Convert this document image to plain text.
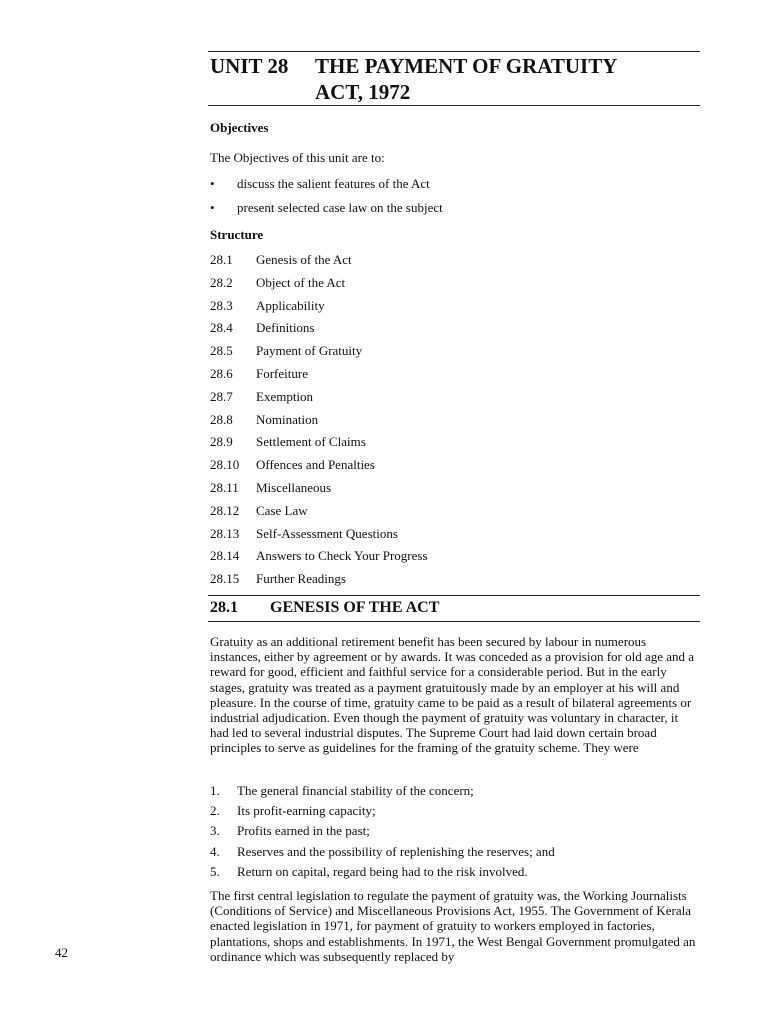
UNIT 28 THE PAYMENT OF GRATUITY
ACT, 1972
Objectives

The Objectives of this unit are to:

•	discuss the salient features of the Act
•	present selected case law on the subject
Structure
28.1 Genesis of the Act
28.2 Object of the Act
28.3 Applicability
28.4 Definitions
28.5 Payment of Gratuity
28.6 Forfeiture
28.7 Exemption
28.8 Nomination
28.9 Settlement of Claims
28.10 Offences and Penalties
28.11 Miscellaneous
28.12 Case Law
28.13 Self-Assessment Questions
28.14 Answers to Check Your Progress
28.15 Further Readings
28.1 GENESIS OF THE ACT

Gratuity as an additional retirement benefit has been secured by labour in numerous instances, either by agreement or by awards. It was conceded as a provision for old age and a reward for good, efficient and faithful service for a considerable period. But in the early stages, gratuity was treated as a payment gratuitously made by an employer at his will and pleasure. In the course of time, gratuity came to be paid as a result of bilateral agreements or industrial adjudication. Even though the payment of gratuity was voluntary in character, it had led to several industrial disputes. The Supreme Court had laid down certain broad principles to serve as guidelines for the framing of the gratuity scheme. They were

1. The general financial stability of the concern;
2. Its profit-earning capacity;
3. Profits earned in the past;
4. Reserves and the possibility of replenishing the reserves; and
5. Return on capital, regard being had to the risk involved.

The first central legislation to regulate the payment of gratuity was, the Working Journalists (Conditions of Service) and Miscellaneous Provisions Act, 1955. The Government of Kerala enacted legislation in 1971, for payment of gratuity to workers employed in factories, plantations, shops and establishments. In 1971, the West Bengal Government promulgated an ordinance which was subsequently replaced by

42
